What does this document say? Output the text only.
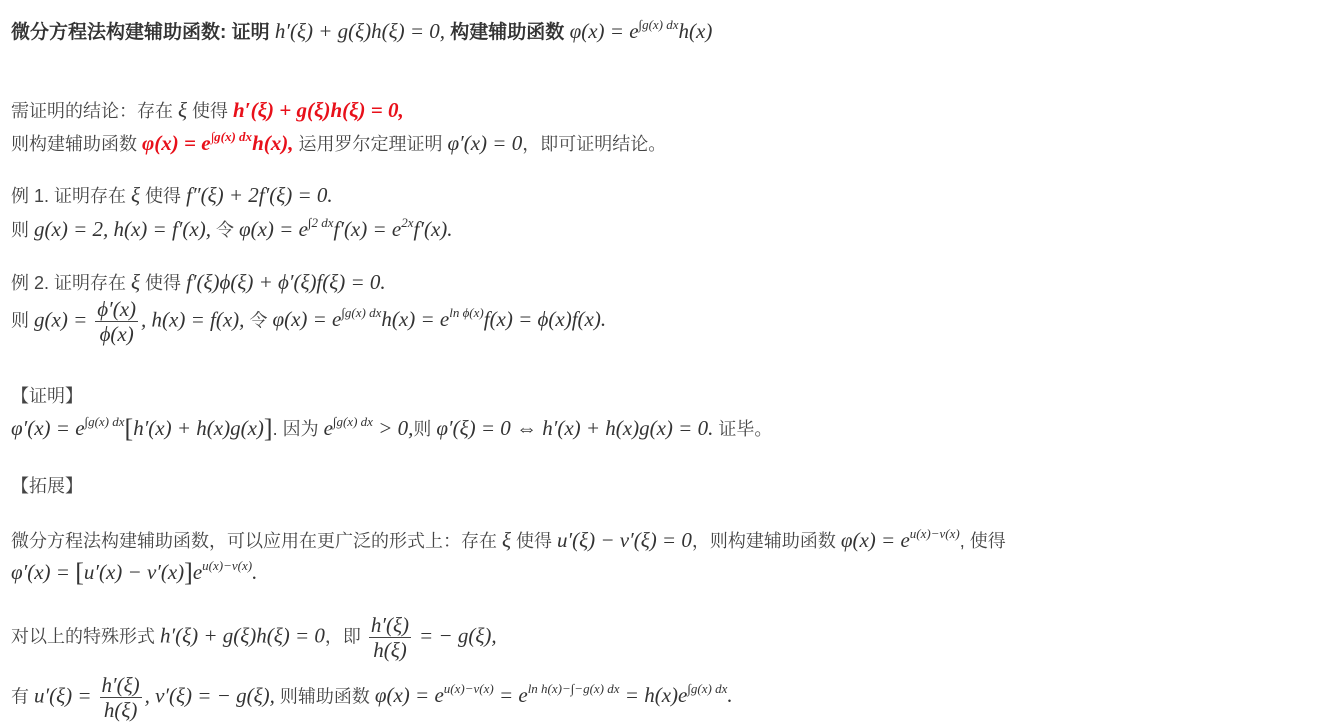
微分方程法构建辅助函数: 证明 h′(ξ) + g(ξ)h(ξ) = 0, 构建辅助函数 $\varphi(x) = e^{\int g(x) dx}h(x)$
需证明的结论：存在 ξ 使得 h′(ξ) + g(ξ)h(ξ) = 0,
则构建辅助函数 $\varphi(x) = e^{\int g(x) dx}h(x)$, 运用罗尔定理证明 φ′(x) = 0，即可证明结论。
例 1. 证明存在 ξ 使得 f″(ξ) + 2f′(ξ) = 0.
则 g(x) = 2, h(x) = f′(x), 令 $\varphi(x) = e^{\int 2 dx}f'(x) = e^{2x}f'(x)$.
例 2. 证明存在 ξ 使得 f′(ξ)ϕ(ξ) + ϕ′(ξ)f(ξ) = 0.
则 $g(x) = \frac{\phi'(x)}{\phi(x)}$ , h(x) = f(x), 令 $\varphi(x) = e^{\int g(x) dx}h(x) = e^{ln \phi(x)}f(x) = \phi(x)f(x)$.
【证明】
$\varphi'(x) = e^{\int g(x) dx}[h'(x) + h(x)g(x)]$. 因为 $e^{\int g(x) dx} > 0$,则 φ′(ξ) = 0 ⇔ h′(x) + h(x)g(x) = 0. 证毕。
【拓展】
微分方程法构建辅助函数，可以应用在更广泛的形式上：存在 ξ 使得 u′(ξ) − v′(ξ) = 0，则构建辅助函数 $\varphi(x) = e^{u(x)-v(x)}$, 使得
$\varphi'(x) = [u'(x) - v'(x)]e^{u(x)-v(x)}$.
对以上的特殊形式 h′(ξ) + g(ξ)h(ξ) = 0，即 $\frac{h'(\xi)}{h(\xi)}$ = − g(ξ),
有 $u'(\xi) = \frac{h'(\xi)}{h(\xi)}$ , v′(ξ) = − g(ξ), 则辅助函数 $\varphi(x) = e^{u(x)-v(x)} = e^{ln h(x)-\int-g(x) dx} = h(x)e^{\int g(x) dx}$.
